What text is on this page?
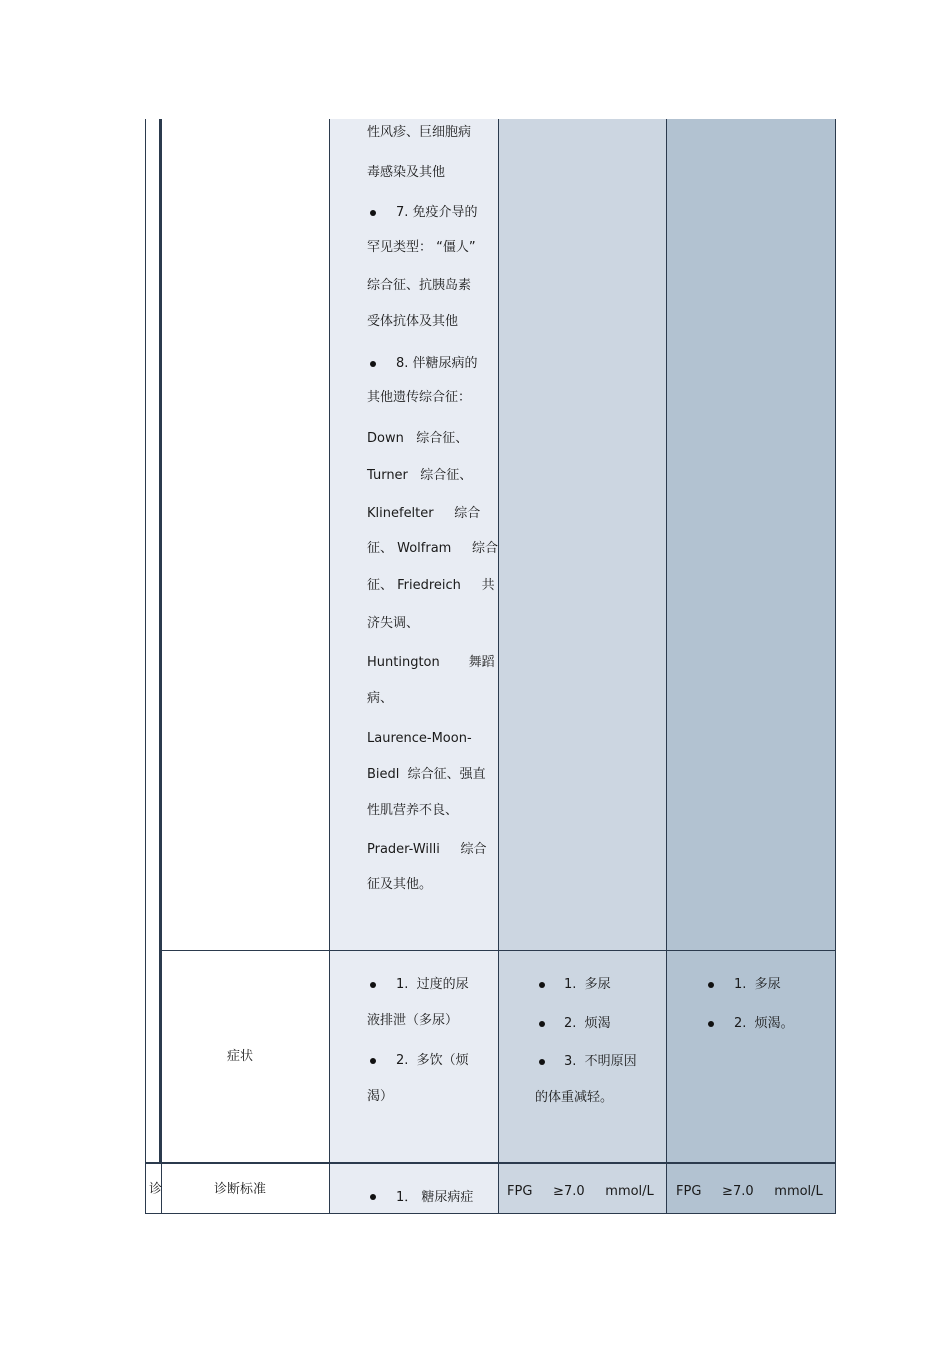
症状
诊	诊断标准
1． 糖尿病症	FPG     ≥7.0     mmol/L FPG     ≥7.0     mmol/L
性风疹、巨细胞病
毒感染及其他
7. 免疫介导的
罕见类型： “僵人”
综合征、抗胰岛素
受体抗体及其他
8. 伴糖尿病的
其他遗传综合征：
Down   综合征、
Turner   综合征、
Klinefelter     综合
征、 Wolfram     综合
征、 Friedreich     共
济失调、
Huntington       舞蹈
病、
Laurence-Moon-
Biedl  综合征、强直
性肌营养不良、
Prader-Willi     综合
征及其他。
1.  过度的尿
液排泄（多尿）
2.  多饮（烦
渴）
1.  多尿
2.  烦渴
3.  不明原因
的体重减轻。
1.  多尿
2.  烦渴。
